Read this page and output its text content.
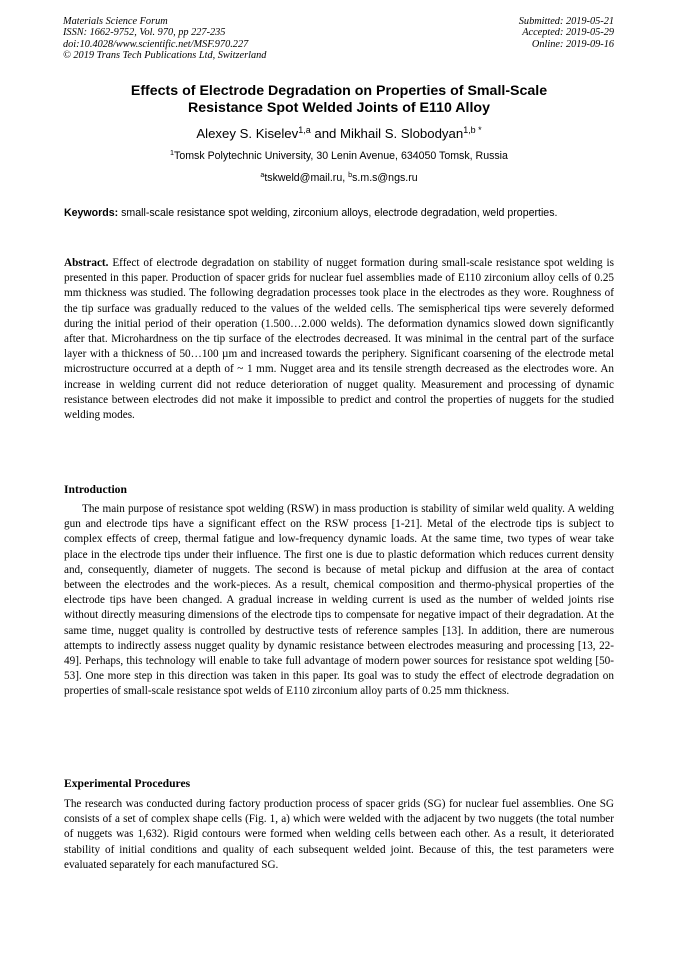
Materials Science Forum
ISSN: 1662-9752, Vol. 970, pp 227-235
doi:10.4028/www.scientific.net/MSF.970.227
© 2019 Trans Tech Publications Ltd, Switzerland
Submitted: 2019-05-21
Accepted: 2019-05-29
Online: 2019-09-16
Effects of Electrode Degradation on Properties of Small-Scale
Resistance Spot Welded Joints of E110 Alloy
Alexey S. Kiselev$^{1,a}$ and Mikhail S. Slobodyan$^{1,b *}$
$^1$Tomsk Polytechnic University, 30 Lenin Avenue, 634050 Tomsk, Russia
$^a$tskweld@mail.ru, $^b$s.m.s@ngs.ru
Keywords: small-scale resistance spot welding, zirconium alloys, electrode degradation, weld properties.
Abstract. Effect of electrode degradation on stability of nugget formation during small-scale resistance spot welding is presented in this paper. Production of spacer grids for nuclear fuel assemblies made of E110 zirconium alloy cells of 0.25 mm thickness was studied. The following degradation processes took place in the electrodes as they wore. Roughness of the tip surface was gradually reduced to the values of the welded cells. The semispherical tips were severely deformed during the initial period of their operation (1.500…2.000 welds). The deformation dynamics slowed down significantly after that. Microhardness on the tip surface of the electrodes decreased. It was minimal in the central part of the surface layer with a thickness of 50…100 µm and increased towards the periphery. Significant coarsening of the electrode metal microstructure occurred at a depth of ~ 1 mm. Nugget area and its tensile strength decreased as the electrodes wore. An increase in welding current did not reduce deterioration of nugget quality. Measurement and processing of dynamic resistance between electrodes did not make it impossible to predict and control the properties of nuggets for the studied welding modes.
Introduction
The main purpose of resistance spot welding (RSW) in mass production is stability of similar weld quality. A welding gun and electrode tips have a significant effect on the RSW process [1-21]. Metal of the electrode tips is subject to complex effects of creep, thermal fatigue and low-frequency dynamic loads. At the same time, two types of wear take place in the electrode tips under their influence. The first one is due to plastic deformation which reduces current density and, consequently, diameter of nuggets. The second is because of metal pickup and diffusion at the area of contact between the electrodes and the work-pieces. As a result, chemical composition and thermo-physical properties of the electrode tips have been changed. A gradual increase in welding current is used as the number of welded joints rise without directly measuring dimensions of the electrode tips to compensate for negative impact of their degradation. At the same time, nugget quality is controlled by destructive tests of reference samples [13]. In addition, there are numerous attempts to indirectly assess nugget quality by dynamic resistance between electrodes measuring and processing [13, 22-49]. Perhaps, this technology will enable to take full advantage of modern power sources for resistance spot welding [50-53]. One more step in this direction was taken in this paper. Its goal was to study the effect of electrode degradation on properties of small-scale resistance spot welds of E110 zirconium alloy parts of 0.25 mm thickness.
Experimental Procedures
The research was conducted during factory production process of spacer grids (SG) for nuclear fuel assemblies. One SG consists of a set of complex shape cells (Fig. 1, a) which were welded with the adjacent by two nuggets (the total number of nuggets was 1,632). Rigid contours were formed when welding cells between each other. As a result, it deteriorated stability of initial conditions and quality of each subsequent welded joint. Because of this, the test parameters were evaluated separately for each manufactured SG.
